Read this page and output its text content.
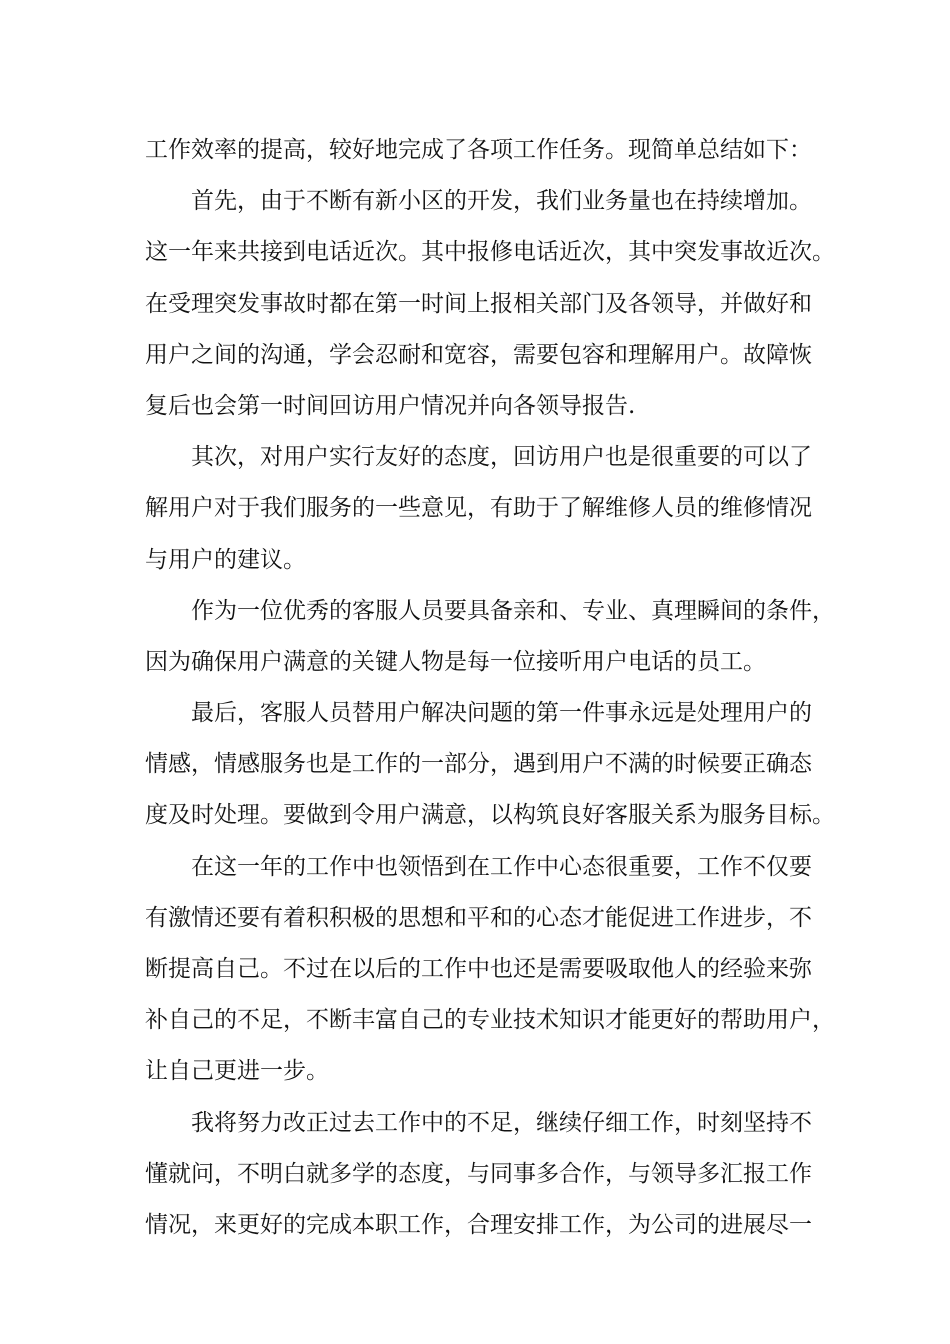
工作效率的提高，较好地完成了各项工作任务。现简单总结如下：
首先，由于不断有新小区的开发，我们业务量也在持续增加。
这一年来共接到电话近次。其中报修电话近次，其中突发事故近次。
在受理突发事故时都在第一时间上报相关部门及各领导，并做好和
用户之间的沟通，学会忍耐和宽容，需要包容和理解用户。故障恢
复后也会第一时间回访用户情况并向各领导报告.
其次，对用户实行友好的态度，回访用户也是很重要的可以了
解用户对于我们服务的一些意见，有助于了解维修人员的维修情况
与用户的建议。
作为一位优秀的客服人员要具备亲和、专业、真理瞬间的条件，
因为确保用户满意的关键人物是每一位接听用户电话的员工。
最后，客服人员替用户解决问题的第一件事永远是处理用户的
情感，情感服务也是工作的一部分，遇到用户不满的时候要正确态
度及时处理。要做到令用户满意，以构筑良好客服关系为服务目标。
在这一年的工作中也领悟到在工作中心态很重要，工作不仅要
有激情还要有着积积极的思想和平和的心态才能促进工作进步，不
断提高自己。不过在以后的工作中也还是需要吸取他人的经验来弥
补自己的不足，不断丰富自己的专业技术知识才能更好的帮助用户，
让自己更进一步。
我将努力改正过去工作中的不足，继续仔细工作，时刻坚持不
懂就问，不明白就多学的态度，与同事多合作，与领导多汇报工作
情况，来更好的完成本职工作，合理安排工作，为公司的进展尽一
